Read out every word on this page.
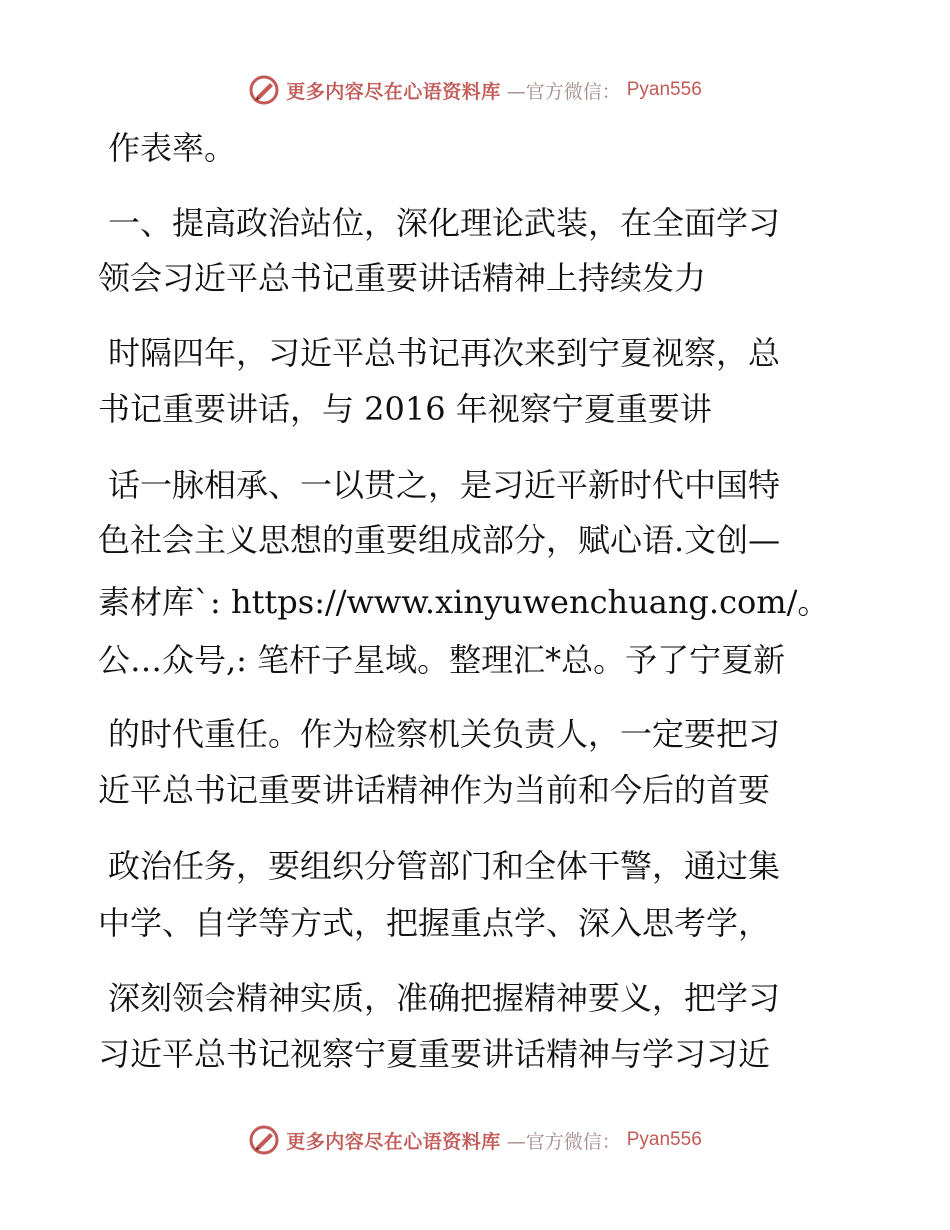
更多内容尽在心语资料库 —官方微信： Pyan556
作表率。
一、提高政治站位，深化理论武装，在全面学习
领会习近平总书记重要讲话精神上持续发力
时隔四年，习近平总书记再次来到宁夏视察，总
书记重要讲话，与 2016 年视察宁夏重要讲
话一脉相承、一以贯之，是习近平新时代中国特
色社会主义思想的重要组成部分，赋心语.文创—
素材库`: https://www.xinyuwenchuang.com/。
公…众号,: 笔杆子星域。整理汇*总。予了宁夏新
的时代重任。作为检察机关负责人，一定要把习
近平总书记重要讲话精神作为当前和今后的首要
政治任务，要组织分管部门和全体干警，通过集
中学、自学等方式，把握重点学、深入思考学，
深刻领会精神实质，准确把握精神要义，把学习
习近平总书记视察宁夏重要讲话精神与学习习近
更多内容尽在心语资料库 —官方微信： Pyan556
